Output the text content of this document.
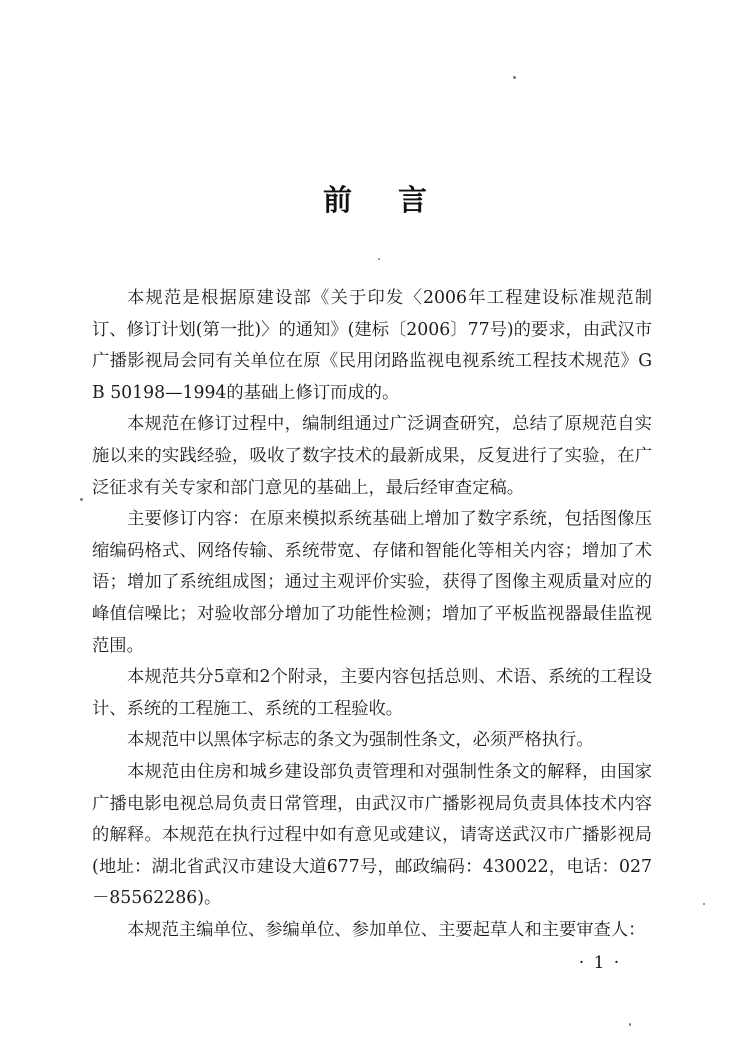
前言

本规范是根据原建设部《关于印发〈2006年工程建设标准规范制订、修订计划(第一批)〉的通知》(建标〔2006〕77号)的要求，由武汉市广播影视局会同有关单位在原《民用闭路监视电视系统工程技术规范》GB 50198—1994的基础上修订而成的。

本规范在修订过程中，编制组通过广泛调查研究，总结了原规范自实施以来的实践经验，吸收了数字技术的最新成果，反复进行了实验，在广泛征求有关专家和部门意见的基础上，最后经审查定稿。

主要修订内容：在原来模拟系统基础上增加了数字系统，包括图像压缩编码格式、网络传输、系统带宽、存储和智能化等相关内容；增加了术语；增加了系统组成图；通过主观评价实验，获得了图像主观质量对应的峰值信噪比；对验收部分增加了功能性检测；增加了平板监视器最佳监视范围。

本规范共分5章和2个附录，主要内容包括总则、术语、系统的工程设计、系统的工程施工、系统的工程验收。

本规范中以黑体字标志的条文为强制性条文，必须严格执行。

本规范由住房和城乡建设部负责管理和对强制性条文的解释，由国家广播电影电视总局负责日常管理，由武汉市广播影视局负责具体技术内容的解释。本规范在执行过程中如有意见或建议，请寄送武汉市广播影视局(地址：湖北省武汉市建设大道677号，邮政编码：430022，电话：027－85562286)。

本规范主编单位、参编单位、参加单位、主要起草人和主要审查人：

· 1 ·
